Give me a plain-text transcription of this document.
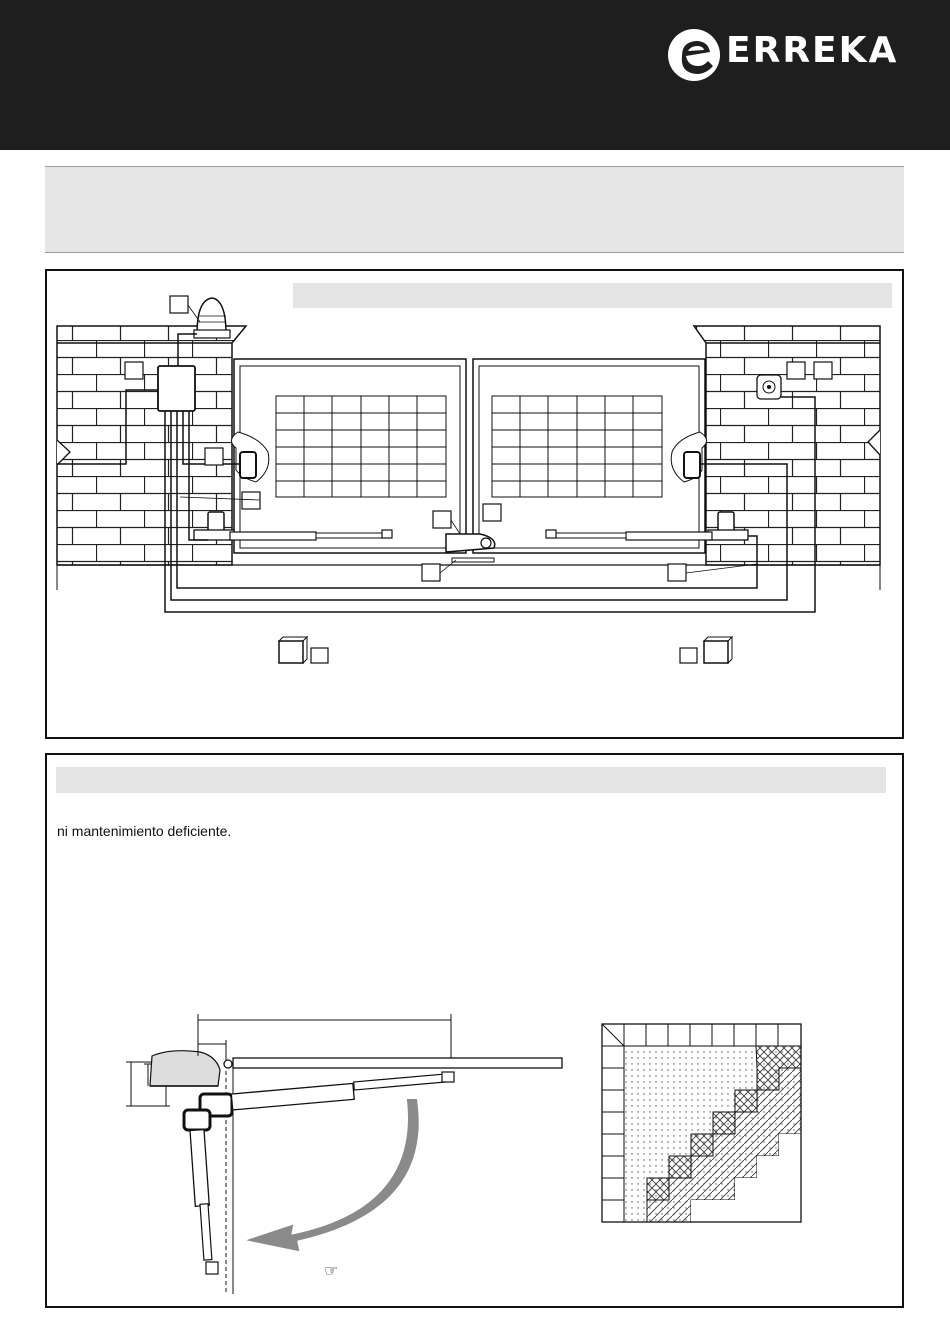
ERREKA
ni mantenimiento deficiente.
☞
